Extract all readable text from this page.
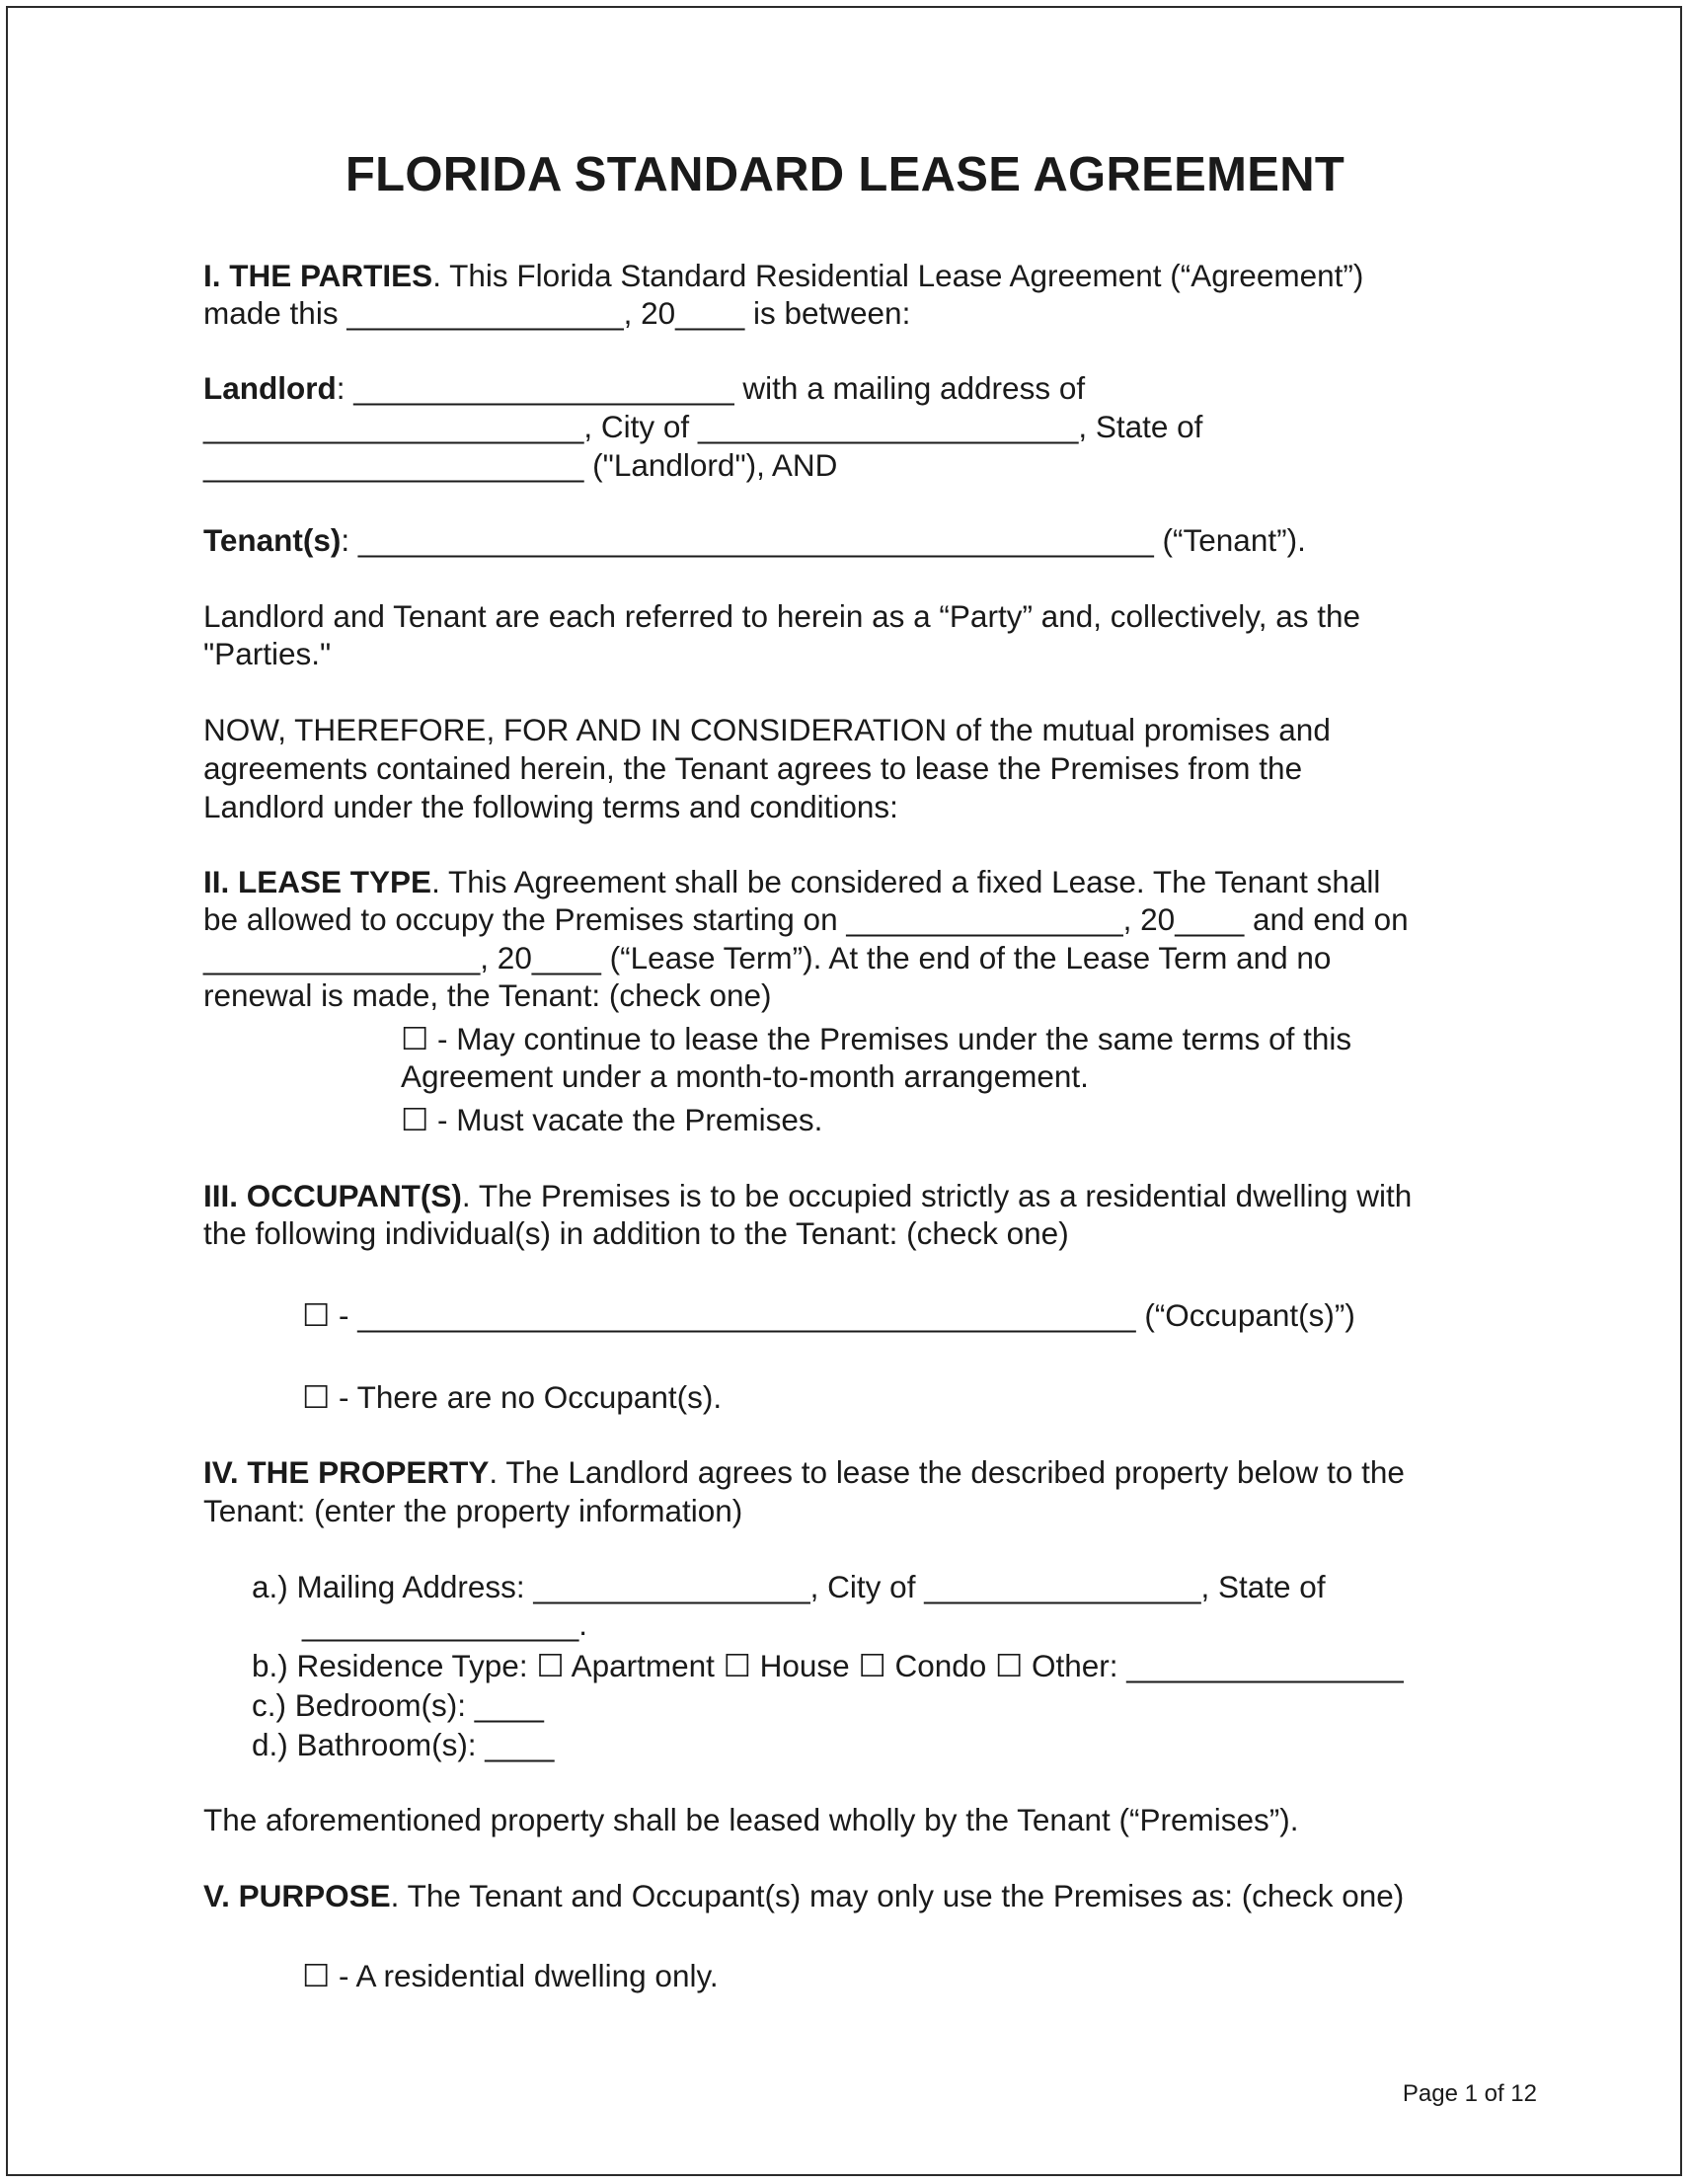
FLORIDA STANDARD LEASE AGREEMENT
I. THE PARTIES. This Florida Standard Residential Lease Agreement (“Agreement”)
made this ________________, 20____ is between:
Landlord: ______________________ with a mailing address of
______________________, City of ______________________, State of
______________________ ("Landlord"), AND
Tenant(s): ______________________________________________ (“Tenant”).
Landlord and Tenant are each referred to herein as a “Party” and, collectively, as the
"Parties."
NOW, THEREFORE, FOR AND IN CONSIDERATION of the mutual promises and
agreements contained herein, the Tenant agrees to lease the Premises from the
Landlord under the following terms and conditions:
II. LEASE TYPE. This Agreement shall be considered a fixed Lease. The Tenant shall
be allowed to occupy the Premises starting on ________________, 20____ and end on
________________, 20____ (“Lease Term”). At the end of the Lease Term and no
renewal is made, the Tenant: (check one)
☐ - May continue to lease the Premises under the same terms of this
Agreement under a month-to-month arrangement.
☐ - Must vacate the Premises.
III. OCCUPANT(S). The Premises is to be occupied strictly as a residential dwelling with
the following individual(s) in addition to the Tenant: (check one)
☐ - _____________________________________________ (“Occupant(s)”)
☐ - There are no Occupant(s).
IV. THE PROPERTY. The Landlord agrees to lease the described property below to the
Tenant: (enter the property information)
a.) Mailing Address: ________________, City of ________________, State of
________________.
b.) Residence Type: ☐ Apartment ☐ House ☐ Condo ☐ Other: ________________
c.) Bedroom(s): ____
d.) Bathroom(s): ____
The aforementioned property shall be leased wholly by the Tenant (“Premises”).
V. PURPOSE. The Tenant and Occupant(s) may only use the Premises as: (check one)
☐ - A residential dwelling only.
Page 1 of 12
